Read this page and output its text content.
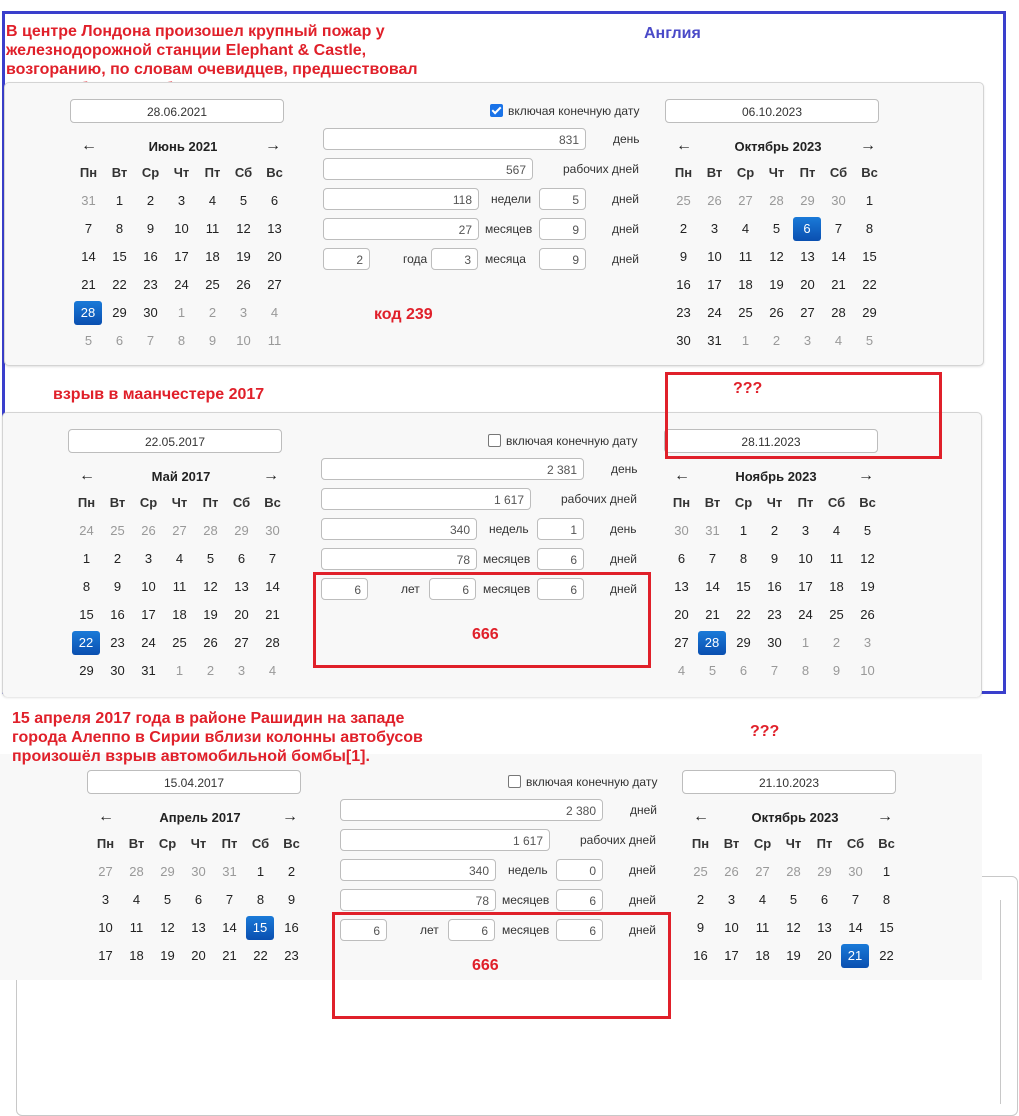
В центре Лондона произошел крупный пожар у
железнодорожной станции Elephant & Castle,
возгоранию, по словам очевидцев, предшествовал
Англия
28.06.2021	06.10.2023
включая конечную дату
←	Июнь 2021	→
Пн	Вт	Ср	Чт	Пт	Сб	Вс
31	1	2	3	4	5	6
7	8	9	10	11	12	13
14	15	16	17	18	19	20
21	22	23	24	25	26	27
28	29	30	1	2	3	4
5	6	7	8	9	10	11
←	Октябрь 2023	→
Пн	Вт	Ср	Чт	Пт	Сб	Вс
25	26	27	28	29	30	1
2	3	4	5	6	7	8
9	10	11	12	13	14	15
16	17	18	19	20	21	22
23	24	25	26	27	28	29
30	31	1	2	3	4	5
831	день
567	рабочих дней
118	недели	5	дней
27	месяцев	9	дней
2	года	3	месяца	9	дней
22.05.2017	28.11.2023
включая конечную дату
←	Май 2017	→
Пн	Вт	Ср	Чт	Пт	Сб	Вс
24	25	26	27	28	29	30
1	2	3	4	5	6	7
8	9	10	11	12	13	14
15	16	17	18	19	20	21
22	23	24	25	26	27	28
29	30	31	1	2	3	4
←	Ноябрь 2023	→
Пн	Вт	Ср	Чт	Пт	Сб	Вс
30	31	1	2	3	4	5
6	7	8	9	10	11	12
13	14	15	16	17	18	19
20	21	22	23	24	25	26
27	28	29	30	1	2	3
4	5	6	7	8	9	10
2 381	день
1 617	рабочих дней
340	недель	1	день
78	месяцев	6	дней
6	лет	6	месяцев	6	дней
15.04.2017	21.10.2023
включая конечную дату
←	Апрель 2017	→
Пн	Вт	Ср	Чт	Пт	Сб	Вс
27	28	29	30	31	1	2
3	4	5	6	7	8	9
10	11	12	13	14	15	16
17	18	19	20	21	22	23
←	Октябрь 2023	→
Пн	Вт	Ср	Чт	Пт	Сб	Вс
25	26	27	28	29	30	1
2	3	4	5	6	7	8
9	10	11	12	13	14	15
16	17	18	19	20	21	22
2 380	дней
1 617	рабочих дней
340	недель	0	дней
78	месяцев	6	дней
6	лет	6	месяцев	6	дней
код 239
взрыв в маанчестере 2017	???
666
15 апреля 2017 года в районе Рашидин на западе
города Алеппо в Сирии вблизи колонны автобусов
произошёл взрыв автомобильной бомбы[1].
???
666
